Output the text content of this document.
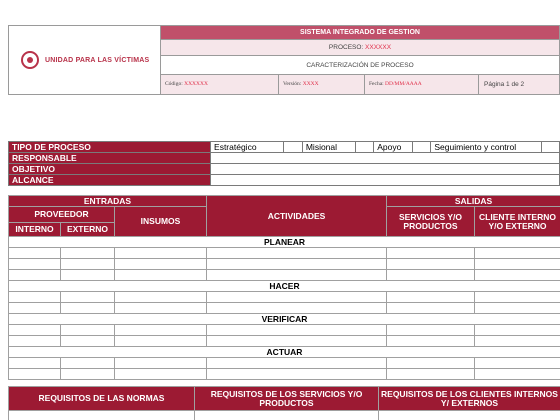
UNIDAD PARA LAS VÍCTIMAS	SISTEMA INTEGRADO DE GESTION			
	PROCESO: XXXXXX			
	CARACTERIZACIÓN DE PROCESO			
	Código: XXXXXX	Versión: XXXX	Fecha: DD/MM/AAAA	Página 1 de 2
TIPO DE PROCESO	Estratégico		Misional		Apoyo		Seguimiento y control	
RESPONSABLE								
OBJETIVO								
ALCANCE								
ENTRADAS			ACTIVIDADES	SALIDAS	
PROVEEDOR		INSUMOS		SERVICIOS Y/O PRODUCTOS	CLIENTE INTERNO Y/O EXTERNO
INTERNO	EXTERNO				
PLANEAR					

HACER					

VERIFICAR					

ACTUAR					

REQUISITOS DE LAS NORMAS	REQUISITOS DE LOS SERVICIOS Y/O PRODUCTOS	REQUISITOS DE LOS CLIENTES INTERNOS Y/ EXTERNOS
